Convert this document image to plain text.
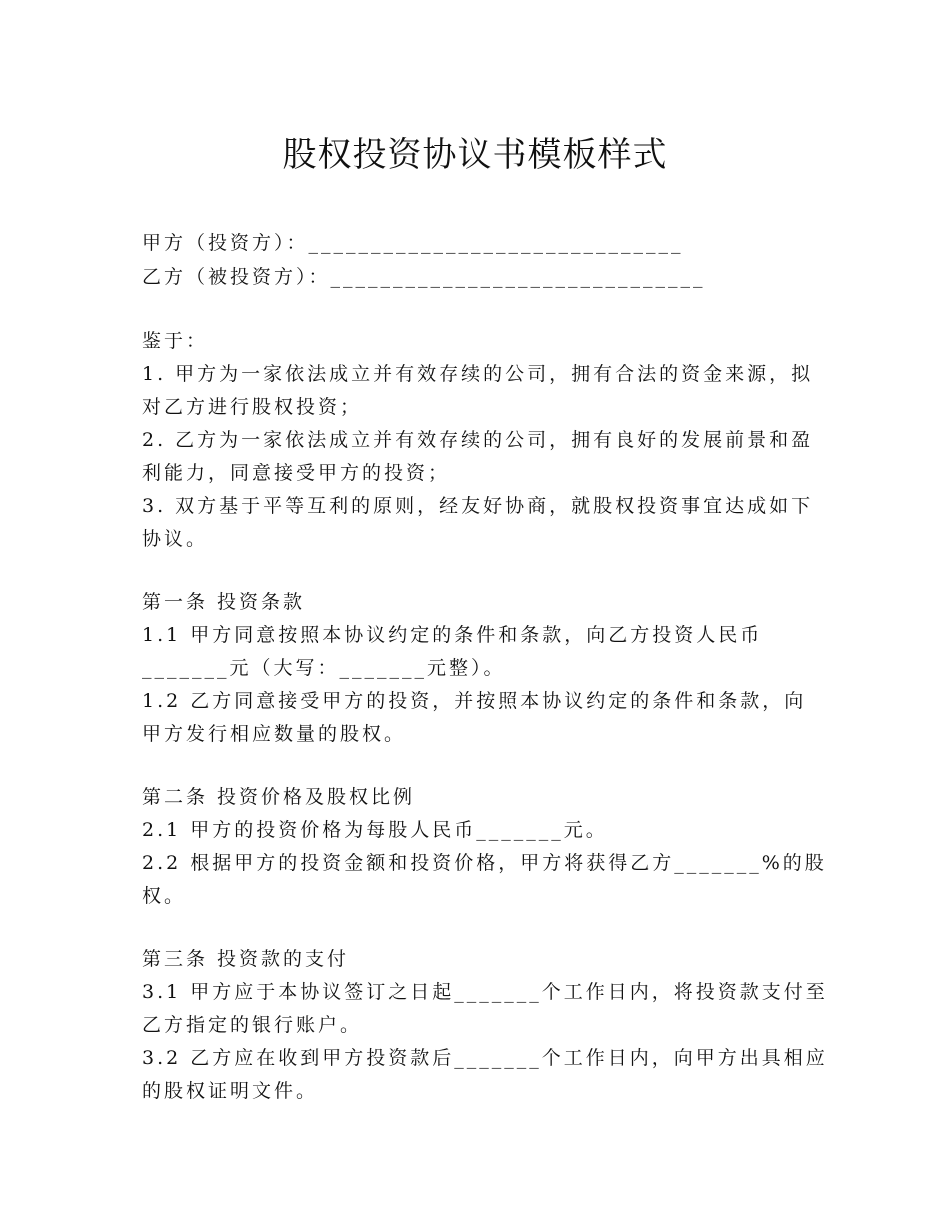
股权投资协议书模板样式
甲方（投资方）：______________________________
乙方（被投资方）：______________________________
鉴于：
1. 甲方为一家依法成立并有效存续的公司，拥有合法的资金来源，拟
对乙方进行股权投资；
2. 乙方为一家依法成立并有效存续的公司，拥有良好的发展前景和盈
利能力，同意接受甲方的投资；
3. 双方基于平等互利的原则，经友好协商，就股权投资事宜达成如下
协议。
第一条 投资条款
1.1 甲方同意按照本协议约定的条件和条款，向乙方投资人民币
_______元（大写：_______元整）。
1.2 乙方同意接受甲方的投资，并按照本协议约定的条件和条款，向
甲方发行相应数量的股权。
第二条 投资价格及股权比例
2.1 甲方的投资价格为每股人民币_______元。
2.2 根据甲方的投资金额和投资价格，甲方将获得乙方_______%的股
权。
第三条 投资款的支付
3.1 甲方应于本协议签订之日起_______个工作日内，将投资款支付至
乙方指定的银行账户。
3.2 乙方应在收到甲方投资款后_______个工作日内，向甲方出具相应
的股权证明文件。
